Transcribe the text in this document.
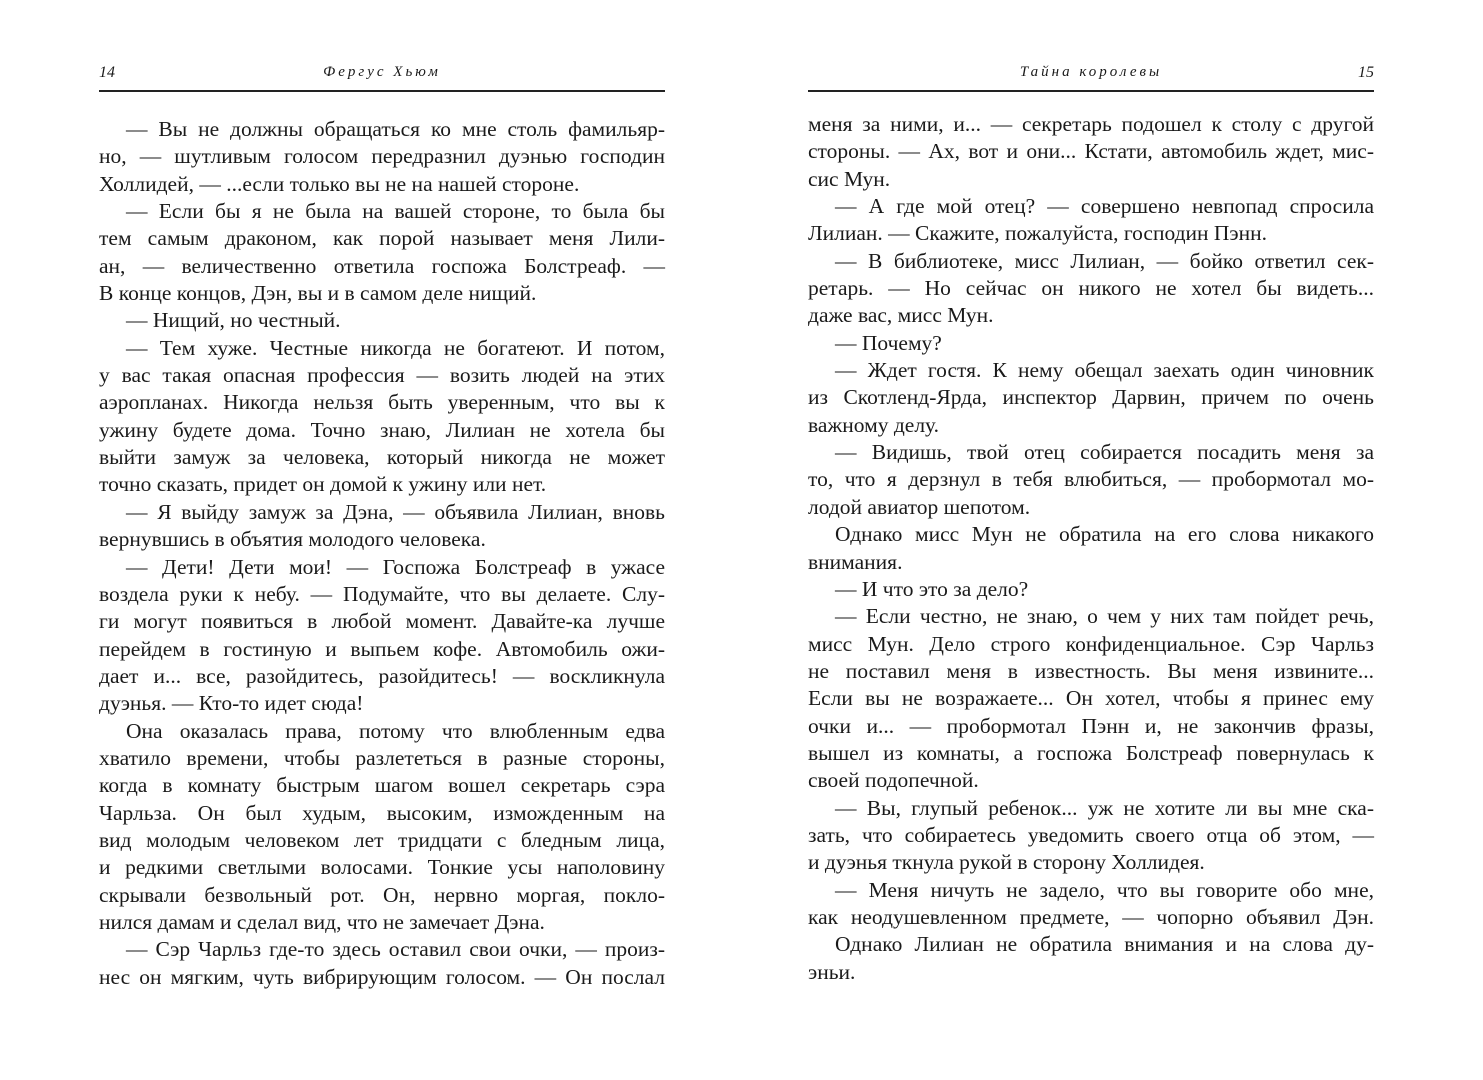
14	Фергус Хьюм
— Вы не должны обращаться ко мне столь фамильяр-
но, — шутливым голосом передразнил дуэнью господин
Холлидей, — ...если только вы не на нашей стороне.
— Если бы я не была на вашей стороне, то была бы
тем самым драконом, как порой называет меня Лили-
ан, — величественно ответила госпожа Болстреаф. —
В конце концов, Дэн, вы и в самом деле нищий.
— Нищий, но честный.
— Тем хуже. Честные никогда не богатеют. И потом,
у вас такая опасная профессия — возить людей на этих
аэропланах. Никогда нельзя быть уверенным, что вы к
ужину будете дома. Точно знаю, Лилиан не хотела бы
выйти замуж за человека, который никогда не может
точно сказать, придет он домой к ужину или нет.
— Я выйду замуж за Дэна, — объявила Лилиан, вновь
вернувшись в объятия молодого человека.
— Дети! Дети мои! — Госпожа Болстреаф в ужасе
воздела руки к небу. — Подумайте, что вы делаете. Слу-
ги могут появиться в любой момент. Давайте-ка лучше
перейдем в гостиную и выпьем кофе. Автомобиль ожи-
дает и... все, разойдитесь, разойдитесь! — воскликнула
дуэнья. — Кто-то идет сюда!
Она оказалась права, потому что влюбленным едва
хватило времени, чтобы разлететься в разные стороны,
когда в комнату быстрым шагом вошел секретарь сэра
Чарльза. Он был худым, высоким, изможденным на
вид молодым человеком лет тридцати с бледным лица,
и редкими светлыми волосами. Тонкие усы наполовину
скрывали безвольный рот. Он, нервно моргая, покло-
нился дамам и сделал вид, что не замечает Дэна.
— Сэр Чарльз где-то здесь оставил свои очки, — произ-
нес он мягким, чуть вибрирующим голосом. — Он послал
Тайна королевы	15
меня за ними, и... — секретарь подошел к столу с другой
стороны. — Ах, вот и они... Кстати, автомобиль ждет, мис-
сис Мун.
— А где мой отец? — совершено невпопад спросила
Лилиан. — Скажите, пожалуйста, господин Пэнн.
— В библиотеке, мисс Лилиан, — бойко ответил сек-
ретарь. — Но сейчас он никого не хотел бы видеть...
даже вас, мисс Мун.
— Почему?
— Ждет гостя. К нему обещал заехать один чиновник
из Скотленд-Ярда, инспектор Дарвин, причем по очень
важному делу.
— Видишь, твой отец собирается посадить меня за
то, что я дерзнул в тебя влюбиться, — пробормотал мо-
лодой авиатор шепотом.
Однако мисс Мун не обратила на его слова никакого
внимания.
— И что это за дело?
— Если честно, не знаю, о чем у них там пойдет речь,
мисс Мун. Дело строго конфиденциальное. Сэр Чарльз
не поставил меня в известность. Вы меня извините...
Если вы не возражаете... Он хотел, чтобы я принес ему
очки и... — пробормотал Пэнн и, не закончив фразы,
вышел из комнаты, а госпожа Болстреаф повернулась к
своей подопечной.
— Вы, глупый ребенок... уж не хотите ли вы мне ска-
зать, что собираетесь уведомить своего отца об этом, —
и дуэнья ткнула рукой в сторону Холлидея.
— Меня ничуть не задело, что вы говорите обо мне,
как неодушевленном предмете, — чопорно объявил Дэн.
Однако Лилиан не обратила внимания и на слова ду-
эньи.
